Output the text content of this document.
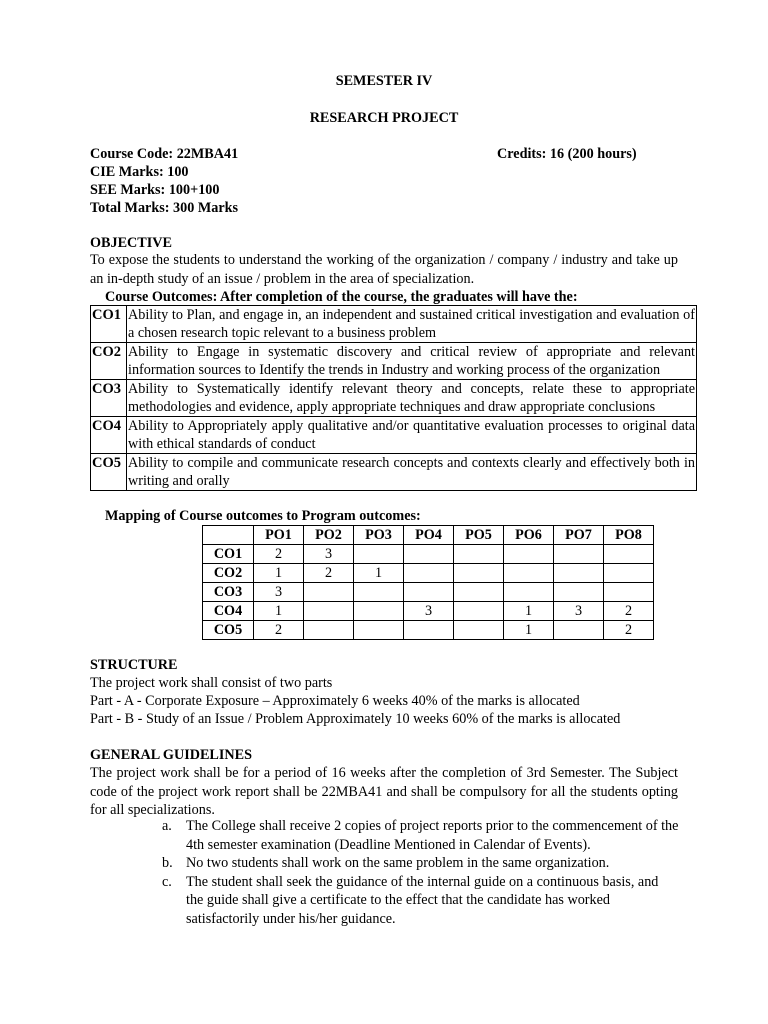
SEMESTER IV
RESEARCH PROJECT
Course Code: 22MBA41	Credits: 16 (200 hours)
CIE Marks: 100
SEE Marks: 100+100
Total Marks: 300 Marks
OBJECTIVE
To expose the students to understand the working of the organization / company / industry and take up an in-depth study of an issue / problem in the area of specialization.
Course Outcomes: After completion of the course, the graduates will have the:
CO1	Ability to Plan, and engage in, an independent and sustained critical investigation and evaluation of a chosen research topic relevant to a business problem
CO2	Ability to Engage in systematic discovery and critical review of appropriate and relevant information sources to Identify the trends in Industry and working process of the organization
CO3	Ability to Systematically identify relevant theory and concepts, relate these to appropriate methodologies and evidence, apply appropriate techniques and draw appropriate conclusions
CO4	Ability to Appropriately apply qualitative and/or quantitative evaluation processes to original data with ethical standards of conduct
CO5	Ability to compile and communicate research concepts and contexts clearly and effectively both in writing and orally
Mapping of Course outcomes to Program outcomes:
	PO1	PO2	PO3	PO4	PO5	PO6	PO7	PO8
CO1	2	3						
CO2	1	2	1					
CO3	3							
CO4	1			3		1	3	2
CO5	2					1		2
STRUCTURE
The project work shall consist of two parts
Part - A - Corporate Exposure – Approximately 6 weeks 40% of the marks is allocated
Part - B - Study of an Issue / Problem Approximately 10 weeks 60% of the marks is allocated
GENERAL GUIDELINES
The project work shall be for a period of 16 weeks after the completion of 3rd Semester. The Subject code of the project work report shall be 22MBA41 and shall be compulsory for all the students opting for all specializations.
a. The College shall receive 2 copies of project reports prior to the commencement of the 4th semester examination (Deadline Mentioned in Calendar of Events).
b. No two students shall work on the same problem in the same organization.
c. The student shall seek the guidance of the internal guide on a continuous basis, and the guide shall give a certificate to the effect that the candidate has worked satisfactorily under his/her guidance.
